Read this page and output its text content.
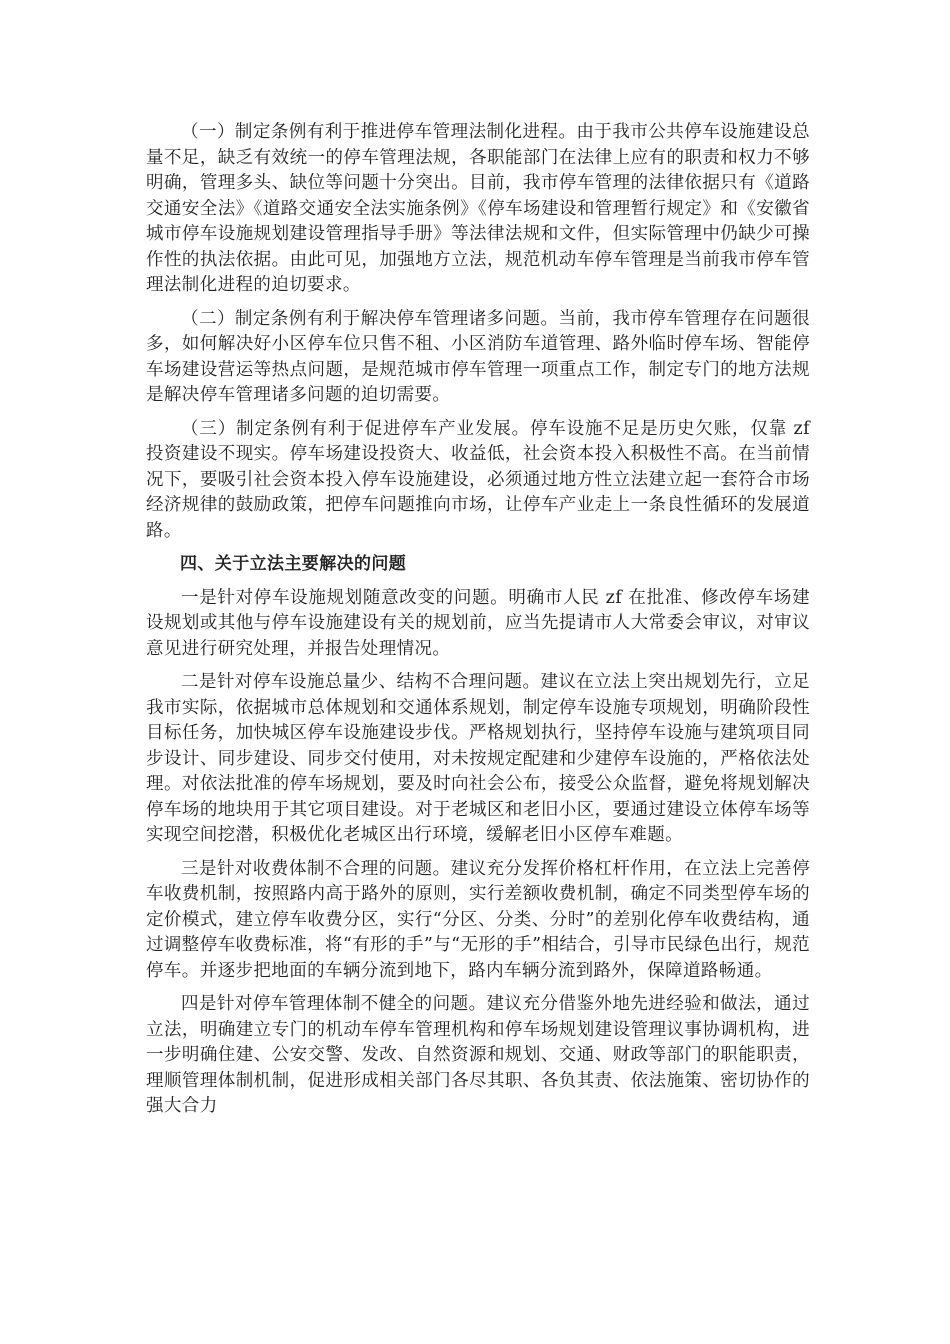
（一）制定条例有利于推进停车管理法制化进程。由于我市公共停车设施建设总量不足，缺乏有效统一的停车管理法规，各职能部门在法律上应有的职责和权力不够明确，管理多头、缺位等问题十分突出。目前，我市停车管理的法律依据只有《道路交通安全法》《道路交通安全法实施条例》《停车场建设和管理暂行规定》和《安徽省城市停车设施规划建设管理指导手册》等法律法规和文件，但实际管理中仍缺少可操作性的执法依据。由此可见，加强地方立法，规范机动车停车管理是当前我市停车管理法制化进程的迫切要求。

（二）制定条例有利于解决停车管理诸多问题。当前，我市停车管理存在问题很多，如何解决好小区停车位只售不租、小区消防车道管理、路外临时停车场、智能停车场建设营运等热点问题，是规范城市停车管理一项重点工作，制定专门的地方法规是解决停车管理诸多问题的迫切需要。

（三）制定条例有利于促进停车产业发展。停车设施不足是历史欠账，仅靠 zf 投资建设不现实。停车场建设投资大、收益低，社会资本投入积极性不高。在当前情况下，要吸引社会资本投入停车设施建设，必须通过地方性立法建立起一套符合市场经济规律的鼓励政策，把停车问题推向市场，让停车产业走上一条良性循环的发展道路。

四、关于立法主要解决的问题

一是针对停车设施规划随意改变的问题。明确市人民 zf 在批准、修改停车场建设规划或其他与停车设施建设有关的规划前，应当先提请市人大常委会审议，对审议意见进行研究处理，并报告处理情况。

二是针对停车设施总量少、结构不合理问题。建议在立法上突出规划先行，立足我市实际，依据城市总体规划和交通体系规划，制定停车设施专项规划，明确阶段性目标任务，加快城区停车设施建设步伐。严格规划执行，坚持停车设施与建筑项目同步设计、同步建设、同步交付使用，对未按规定配建和少建停车设施的，严格依法处理。对依法批准的停车场规划，要及时向社会公布，接受公众监督，避免将规划解决停车场的地块用于其它项目建设。对于老城区和老旧小区，要通过建设立体停车场等实现空间挖潜，积极优化老城区出行环境，缓解老旧小区停车难题。

三是针对收费体制不合理的问题。建议充分发挥价格杠杆作用，在立法上完善停车收费机制，按照路内高于路外的原则，实行差额收费机制，确定不同类型停车场的定价模式，建立停车收费分区，实行“分区、分类、分时”的差别化停车收费结构，通过调整停车收费标准，将“有形的手”与“无形的手”相结合，引导市民绿色出行，规范停车。并逐步把地面的车辆分流到地下，路内车辆分流到路外，保障道路畅通。

四是针对停车管理体制不健全的问题。建议充分借鉴外地先进经验和做法，通过立法，明确建立专门的机动车停车管理机构和停车场规划建设管理议事协调机构，进一步明确住建、公安交警、发改、自然资源和规划、交通、财政等部门的职能职责，理顺管理体制机制，促进形成相关部门各尽其职、各负其责、依法施策、密切协作的强大合力
